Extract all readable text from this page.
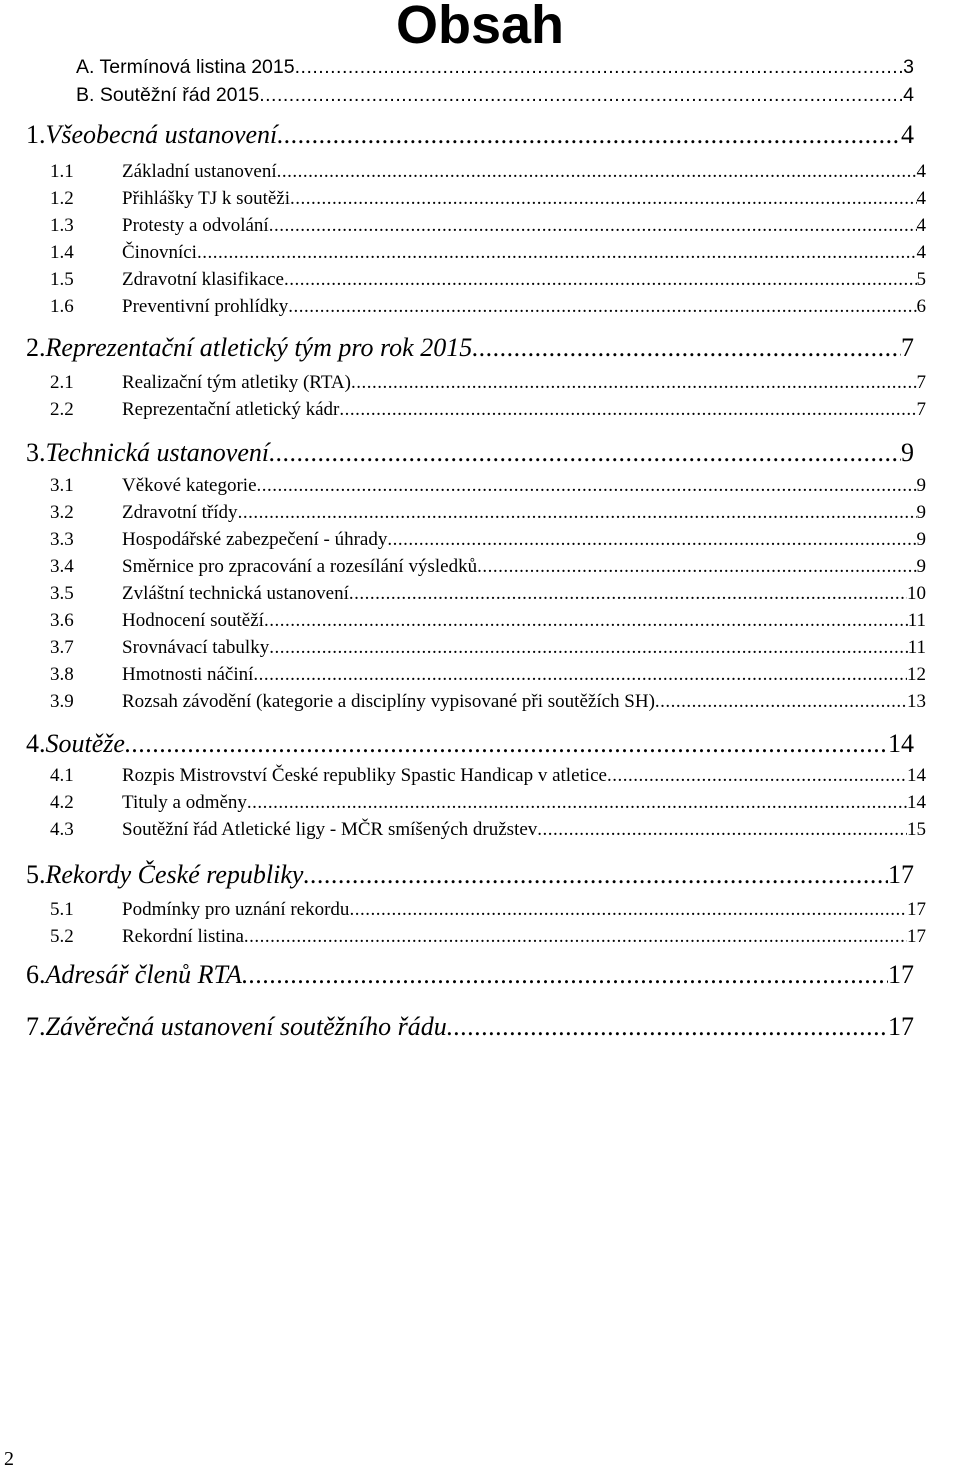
Obsah
A. Termínová listina 2015 .....	3
B. Soutěžní řád 2015 .....	4
1. Všeobecná ustanovení .....	4
1.1	Základní ustanovení .....	4
1.2	Přihlášky TJ k soutěži .....	4
1.3	Protesty a odvolání .....	4
1.4	Činovníci .....	4
1.5	Zdravotní klasifikace .....	5
1.6	Preventivní prohlídky .....	6
2. Reprezentační atletický tým pro rok 2015 .....	7
2.1	Realizační tým atletiky (RTA) .....	7
2.2	Reprezentační atletický kádr .....	7
3. Technická ustanovení .....	9
3.1	Věkové kategorie .....	9
3.2	Zdravotní třídy .....	9
3.3	Hospodářské zabezpečení - úhrady .....	9
3.4	Směrnice pro zpracování a rozesílání výsledků .....	9
3.5	Zvláštní technická ustanovení .....	10
3.6	Hodnocení soutěží .....	11
3.7	Srovnávací tabulky .....	11
3.8	Hmotnosti náčiní .....	12
3.9	Rozsah závodění (kategorie a disciplíny vypisované při soutěžích SH) .....	13
4. Soutěže .....	14
4.1	Rozpis Mistrovství České republiky Spastic Handicap v atletice .....	14
4.2	Tituly a odměny .....	14
4.3	Soutěžní řád Atletické ligy - MČR smíšených družstev .....	15
5. Rekordy České republiky .....	17
5.1	Podmínky pro uznání rekordu .....	17
5.2	Rekordní listina .....	17
6. Adresář členů RTA .....	17
7. Závěrečná ustanovení soutěžního řádu .....	17
2
